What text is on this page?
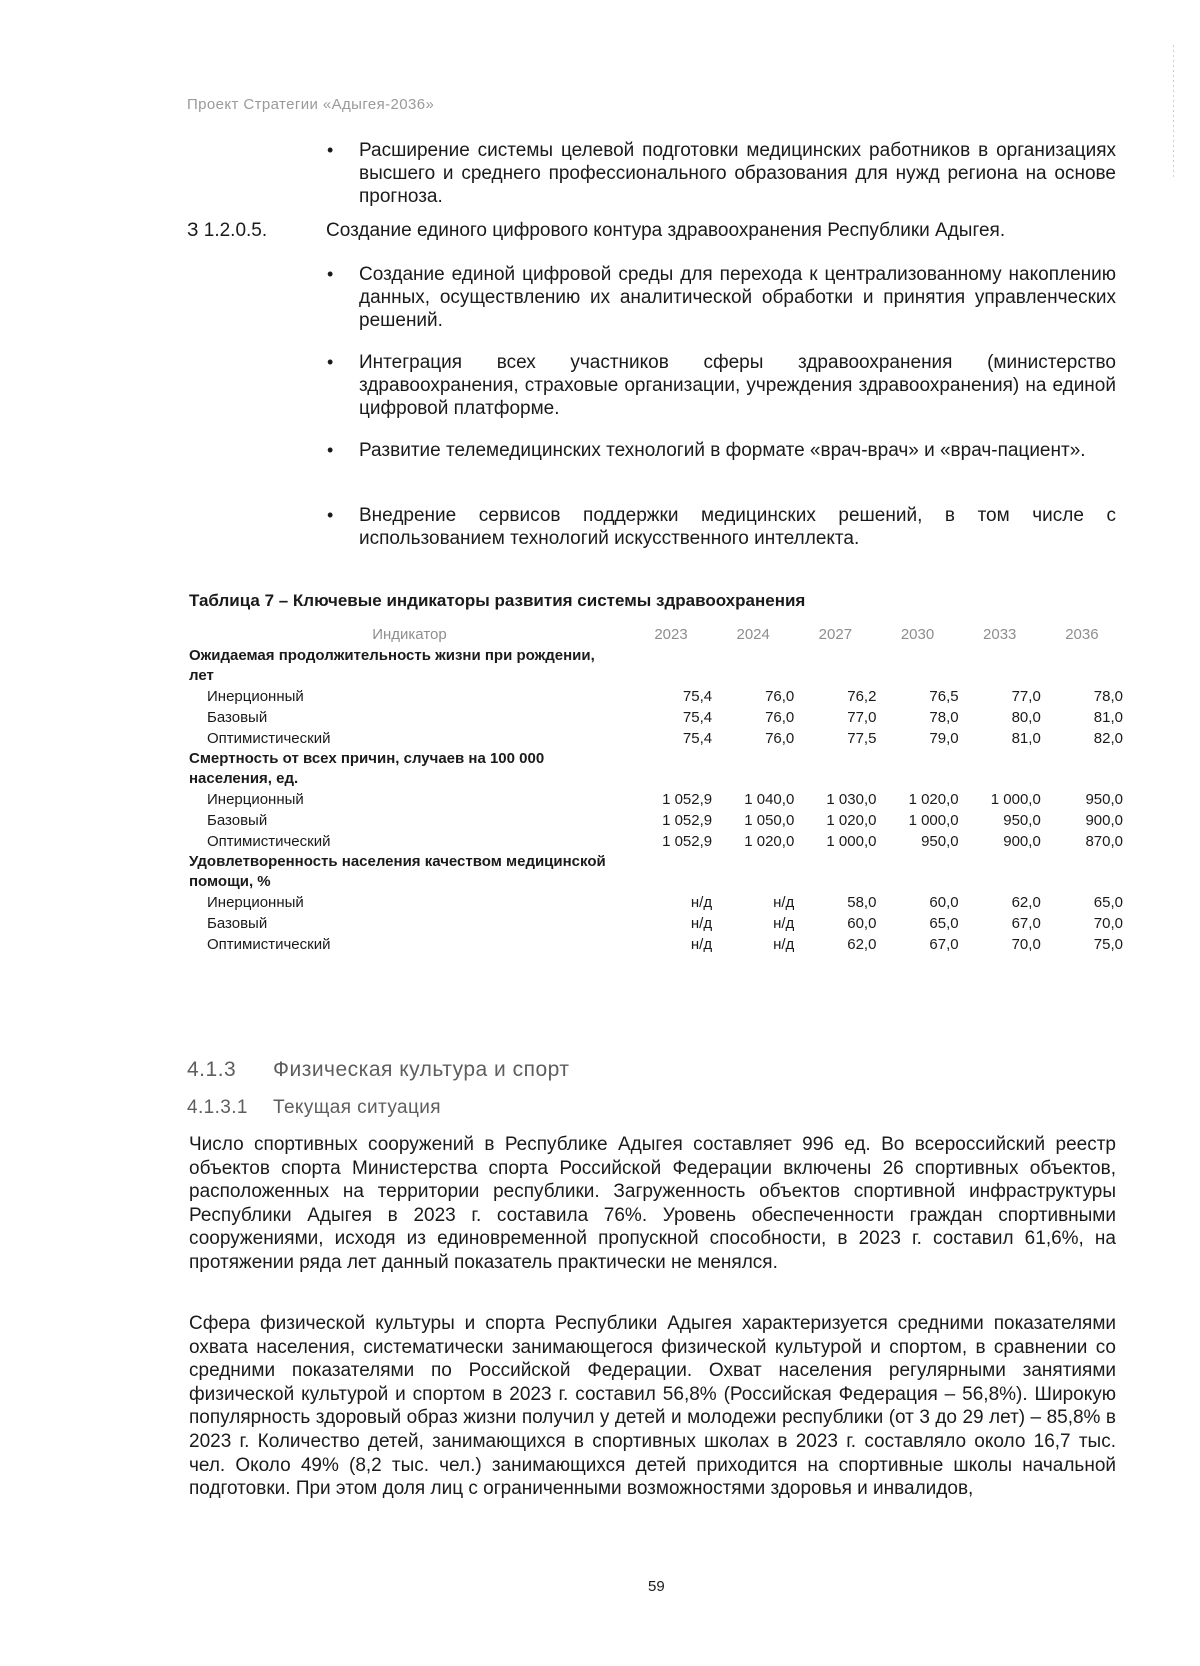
Проект Стратегии «Адыгея-2036»
• Расширение системы целевой подготовки медицинских работников в организациях высшего и среднего профессионального образования для нужд региона на основе прогноза.
З 1.2.0.5.	Создание единого цифрового контура здравоохранения Республики Адыгея.
• Создание единой цифровой среды для перехода к централизованному накоплению данных, осуществлению их аналитической обработки и принятия управленческих решений.
• Интеграция всех участников сферы здравоохранения (министерство здравоохранения, страховые организации, учреждения здравоохранения) на единой цифровой платформе.
• Развитие телемедицинских технологий в формате «врач-врач» и «врач-пациент».
• Внедрение сервисов поддержки медицинских решений, в том числе с использованием технологий искусственного интеллекта.
Таблица 7 – Ключевые индикаторы развития системы здравоохранения
Индикатор	2023	2024	2027	2030	2033	2036
Ожидаемая продолжительность жизни при рождении, лет						
Инерционный	75,4	76,0	76,2	76,5	77,0	78,0
Базовый	75,4	76,0	77,0	78,0	80,0	81,0
Оптимистический	75,4	76,0	77,5	79,0	81,0	82,0
Смертность от всех причин, случаев на 100 000 населения, ед.						
Инерционный	1 052,9	1 040,0	1 030,0	1 020,0	1 000,0	950,0
Базовый	1 052,9	1 050,0	1 020,0	1 000,0	950,0	900,0
Оптимистический	1 052,9	1 020,0	1 000,0	950,0	900,0	870,0
Удовлетворенность населения качеством медицинской помощи, %						
Инерционный	н/д	н/д	58,0	60,0	62,0	65,0
Базовый	н/д	н/д	60,0	65,0	67,0	70,0
Оптимистический	н/д	н/д	62,0	67,0	70,0	75,0
4.1.3 Физическая культура и спорт
4.1.3.1 Текущая ситуация
Число спортивных сооружений в Республике Адыгея составляет 996 ед. Во всероссийский реестр объектов спорта Министерства спорта Российской Федерации включены 26 спортивных объектов, расположенных на территории республики. Загруженность объектов спортивной инфраструктуры Республики Адыгея в 2023 г. составила 76%. Уровень обеспеченности граждан спортивными сооружениями, исходя из единовременной пропускной способности, в 2023 г. составил 61,6%, на протяжении ряда лет данный показатель практически не менялся.
Сфера физической культуры и спорта Республики Адыгея характеризуется средними показателями охвата населения, систематически занимающегося физической культурой и спортом, в сравнении со средними показателями по Российской Федерации. Охват населения регулярными занятиями физической культурой и спортом в 2023 г. составил 56,8% (Российская Федерация – 56,8%). Широкую популярность здоровый образ жизни получил у детей и молодежи республики (от 3 до 29 лет) – 85,8% в 2023 г. Количество детей, занимающихся в спортивных школах в 2023 г. составляло около 16,7 тыс. чел. Около 49% (8,2 тыс. чел.) занимающихся детей приходится на спортивные школы начальной подготовки. При этом доля лиц с ограниченными возможностями здоровья и инвалидов,
59
